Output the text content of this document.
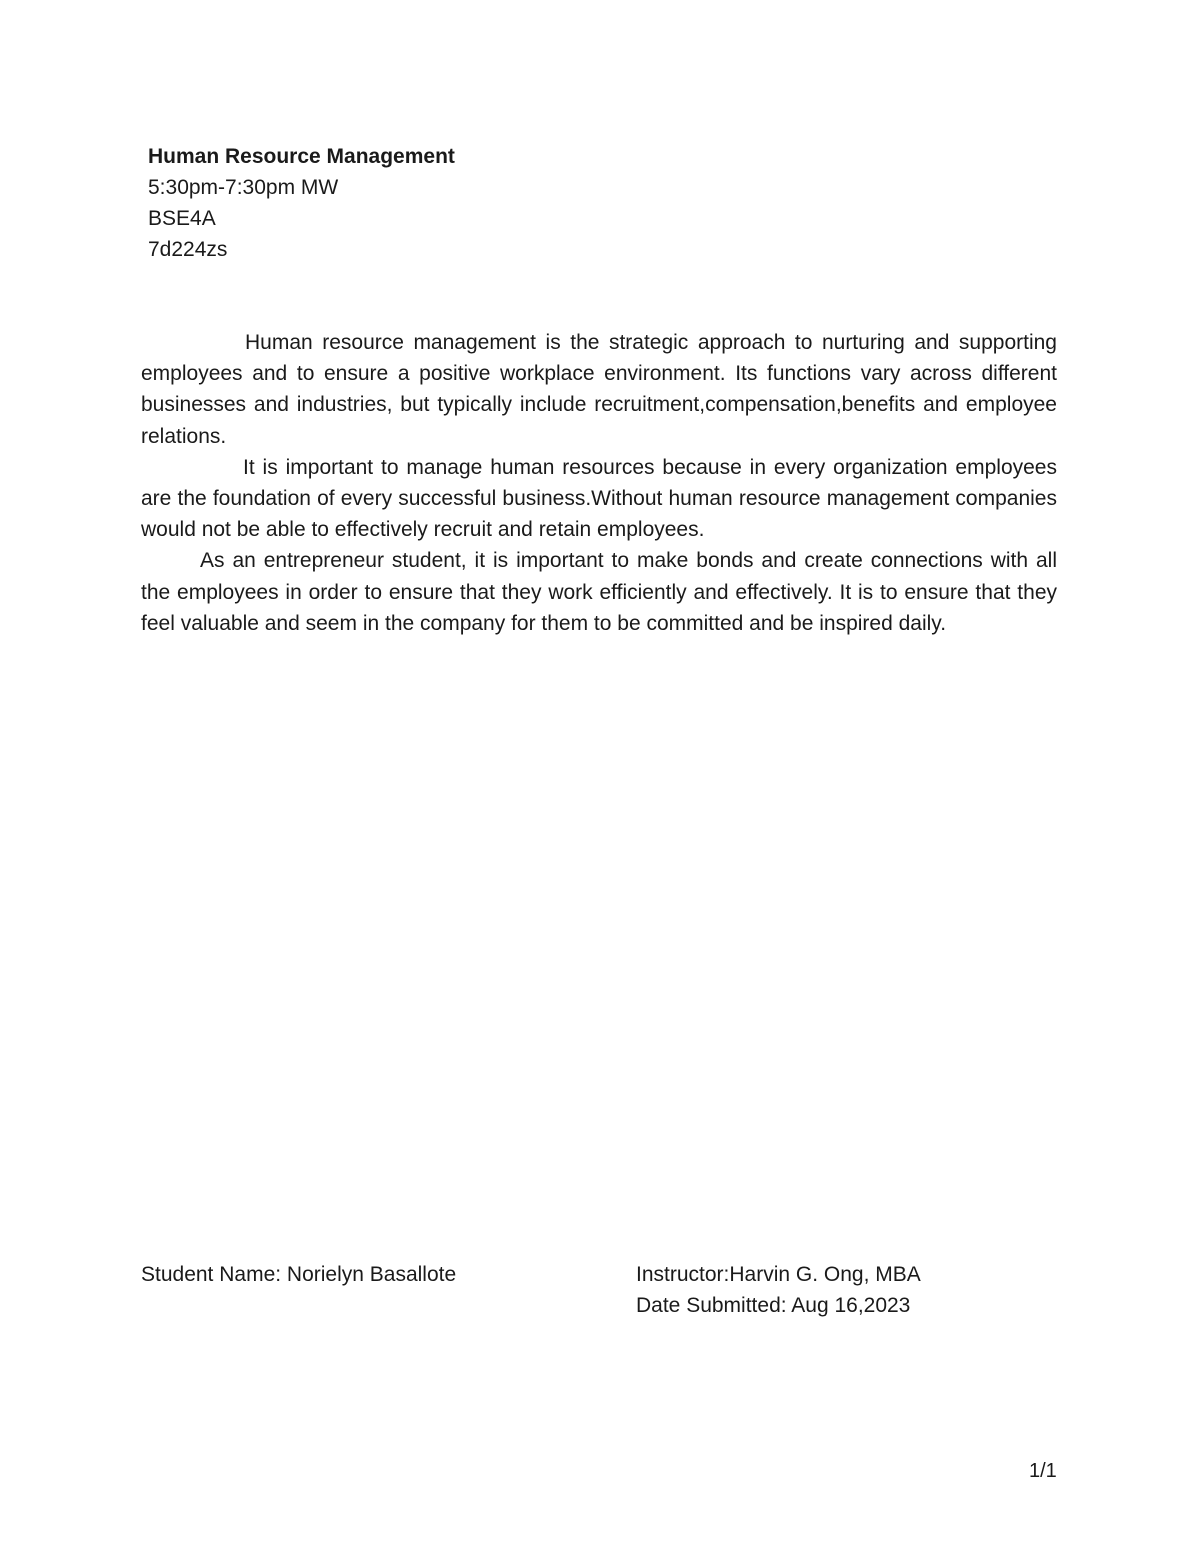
Human Resource Management
5:30pm-7:30pm MW
BSE4A
7d224zs

Human resource management is the strategic approach to nurturing and supporting employees and to ensure a positive workplace environment. Its functions vary across different businesses and industries, but typically include recruitment,compensation,benefits and employee relations.

It is important to manage human resources because in every organization employees are the foundation of every successful business.Without human resource management companies would not be able to effectively recruit and retain employees.

As an entrepreneur student, it is important to make bonds and create connections with all the employees in order to ensure that they work efficiently and effectively. It is to ensure that they feel valuable and seem in the company for them to be committed and be inspired daily.

Student Name: Norielyn Basallote	Instructor:Harvin G. Ong, MBA
Date Submitted: Aug 16,2023
1/1
